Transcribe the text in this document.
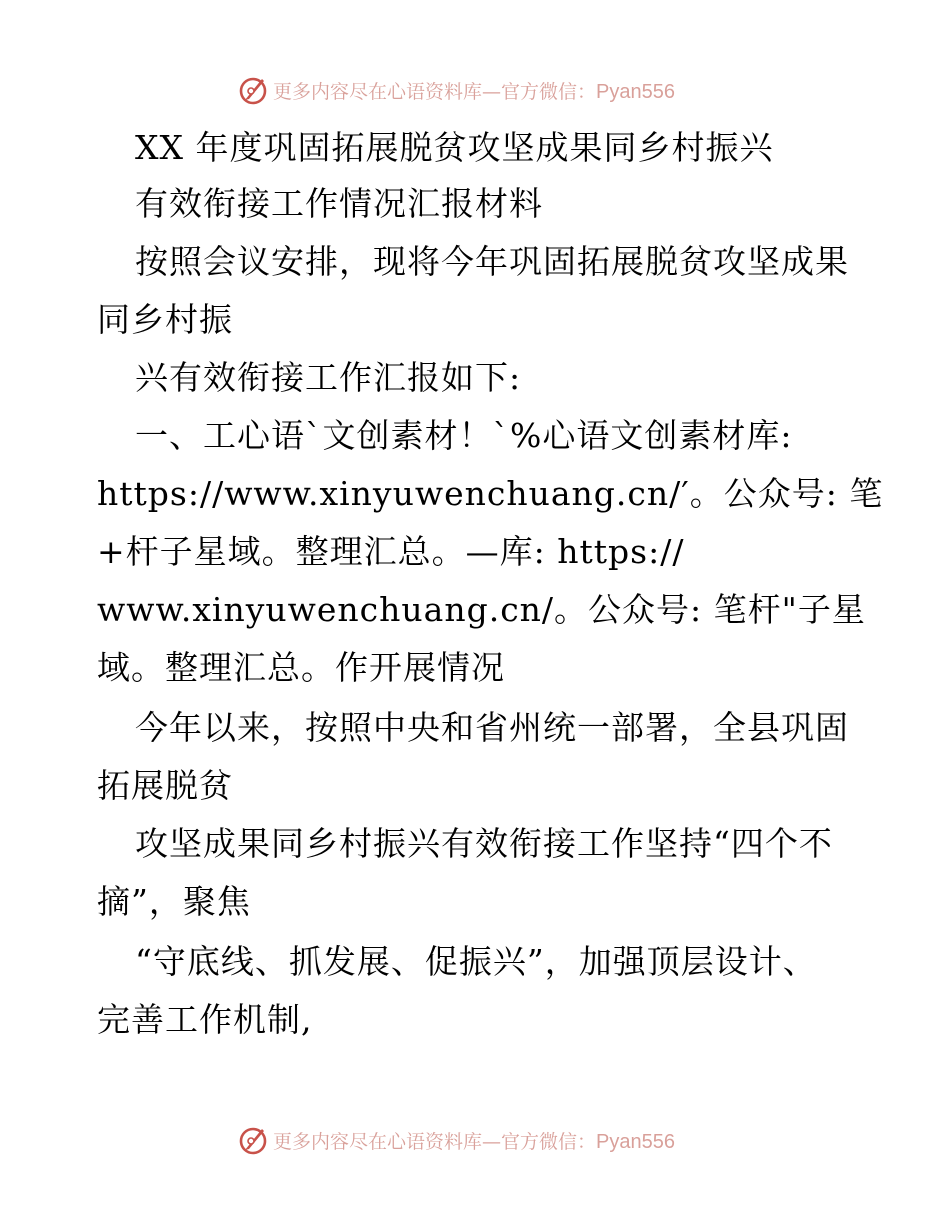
更多内容尽在心语资料库—官方微信：Pyan556
XX 年度巩固拓展脱贫攻坚成果同乡村振兴
有效衔接工作情况汇报材料
按照会议安排，现将今年巩固拓展脱贫攻坚成果
同乡村振
兴有效衔接工作汇报如下:
一、工心语`文创素材！`%心语文创素材库:
https://www.xinyuwenchuang.cn/′。公众号: 笔
+杆子星域。整理汇总。—库: https://
www.xinyuwenchuang.cn/。公众号: 笔杆"子星
域。整理汇总。作开展情况
今年以来，按照中央和省州统一部署，全县巩固
拓展脱贫
攻坚成果同乡村振兴有效衔接工作坚持“四个不
摘”，聚焦
“守底线、抓发展、促振兴”，加强顶层设计、
完善工作机制,
更多内容尽在心语资料库—官方微信：Pyan556
